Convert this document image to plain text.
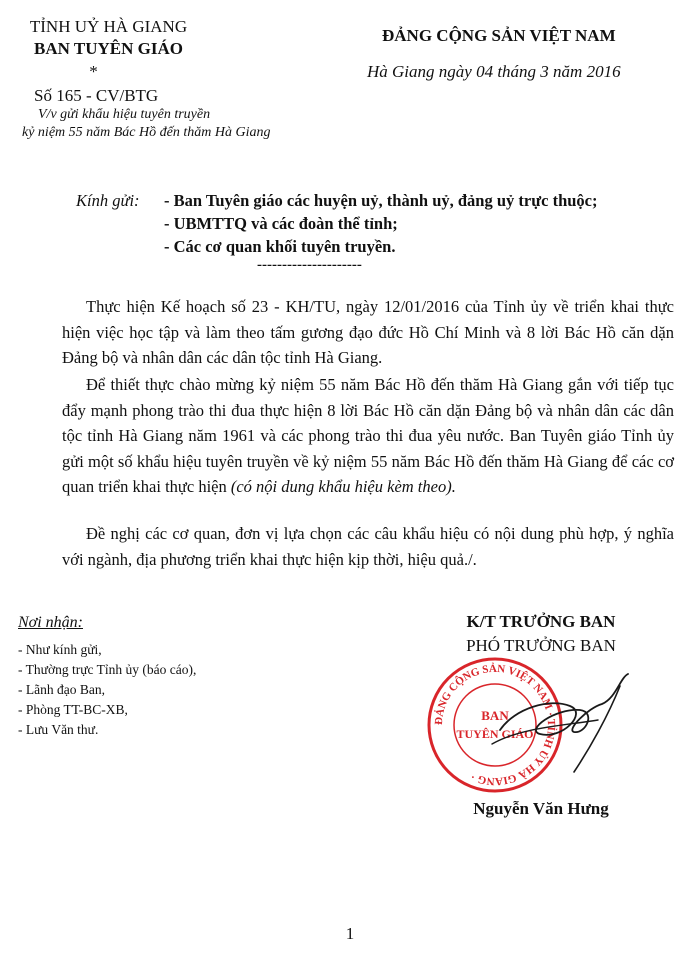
TỈNH UỶ HÀ GIANG
BAN TUYÊN GIÁO
*
Số 165 - CV/BTG
V/v gửi khẩu hiệu tuyên truyền
kỷ niệm 55 năm Bác Hồ đến thăm Hà Giang
ĐẢNG CỘNG SẢN VIỆT NAM
Hà Giang ngày 04 tháng 3 năm 2016
Kính gửi: - Ban Tuyên giáo các huyện uỷ, thành uỷ, đảng uỷ trực thuộc;
- UBMTTQ và các đoàn thể tỉnh;
- Các cơ quan khối tuyên truyền.
---------------------
Thực hiện Kế hoạch số 23 - KH/TU, ngày 12/01/2016 của Tỉnh ủy về triển khai thực hiện việc học tập và làm theo tấm gương đạo đức Hồ Chí Minh và 8 lời Bác Hồ căn dặn Đảng bộ và nhân dân các dân tộc tỉnh Hà Giang.
Để thiết thực chào mừng kỷ niệm 55 năm Bác Hồ đến thăm Hà Giang gắn với tiếp tục đẩy mạnh phong trào thi đua thực hiện 8 lời Bác Hồ căn dặn Đảng bộ và nhân dân các dân tộc tỉnh Hà Giang năm 1961 và các phong trào thi đua yêu nước. Ban Tuyên giáo Tỉnh ủy gửi một số khẩu hiệu tuyên truyền về kỷ niệm 55 năm Bác Hồ đến thăm Hà Giang để các cơ quan triển khai thực hiện (có nội dung khẩu hiệu kèm theo).
Đề nghị các cơ quan, đơn vị lựa chọn các câu khẩu hiệu có nội dung phù hợp, ý nghĩa với ngành, địa phương triển khai thực hiện kịp thời, hiệu quả./.
Nơi nhận:
- Như kính gửi,
- Thường trực Tỉnh ủy (báo cáo),
- Lãnh đạo Ban,
- Phòng TT-BC-XB,
- Lưu Văn thư.
K/T TRƯỞNG BAN
PHÓ TRƯỞNG BAN
ĐẢNG CỘNG SẢN VIỆT NAM · TỈNH ỦY HÀ GIANG ·
BAN
TUYÊN GIÁO
Nguyễn Văn Hưng
1
